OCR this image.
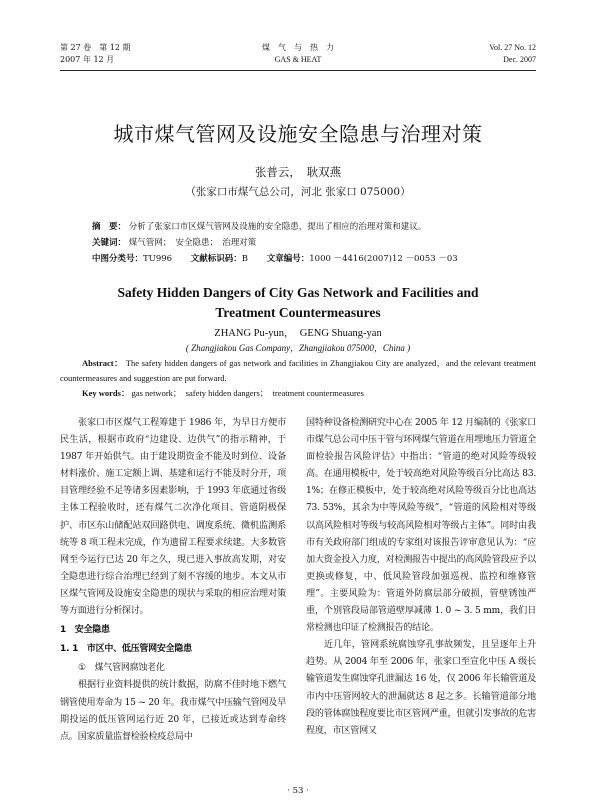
第 27 卷　第 12 期
2007 年 12 月
煤　气　与　热　力
GAS & HEAT
Vol. 27 No. 12
Dec. 2007
城市煤气管网及设施安全隐患与治理对策
张普云，　耿双燕
（张家口市煤气总公司，河北 张家口 075000）
摘　要： 分析了张家口市区煤气管网及设施的安全隐患，提出了相应的治理对策和建议。
关键词： 煤气管网；　安全隐患；　治理对策
中图分类号：TU996 文献标识码：B 文章编号：1000 －4416(2007)12 －0053 －03
Safety Hidden Dangers of City Gas Network and Facilities and
Treatment Countermeasures
ZHANG Pu-yun，　GENG Shuang-yan
( Zhangjiakou Gas Company，Zhangjiakou 075000，China )
Abstract： The safety hidden dangers of gas network and facilities in Zhangjiakou City are analyzed，and the relevant treatment countermeasures and suggestion are put forward.
Key words： gas network；　safety hidden dangers；　treatment countermeasures

张家口市区煤气工程筹建于 1986 年，为早日方便市民生活，根据市政府“边建设、边供气”的指示精神，于 1987 年开始供气。由于建设期资金不能及时到位、设备材料涨价、施工定额上调、基建和运行不能及时分开，项目管理经验不足等诸多因素影响，于 1993 年底通过省级主体工程验收时，还有煤气二次净化项目、管道阴极保护、市区东山储配站双回路供电、调度系统、微机监测系统等 8 项工程未完成，作为遗留工程要求续建。大多数管网至今运行已达 20 年之久，現已进入事故高发期，对安全隐患进行综合治理已经到了刻不容缓的地步。本文从市区煤气管网及设施安全隐患的现状与采取的相应治理对策等方面进行分析探讨。

1　安全隐患

1. 1　市区中、低压管网安全隐患

①　煤气管网腐蚀老化

根据行业资料提供的统计数据，防腐不佳时地下燃气钢管使用寿命为 15 ~ 20 年。我市煤气中压输气管网及早期投运的低压管网运行近 20 年，已接近或达到寿命终点。国家质量监督检验检疫总局中

国特种设备检测研究中心在 2005 年 12 月编制的《张家口市煤气总公司中压干管与环网煤气管道在用埋地压力管道全面检验报告风险评估》中指出：“管道的绝对风险等级较高。在通用模板中，处于较高绝对风险等级百分比高达 83. 1%；在修正模板中，处于较高绝对风险等级百分比也高达73. 53%，其余为中等风险等级”，“管道的风险相对等级以高风险相对等级与较高风险相对等级占主体”。同时由我市有关政府部门组成的专家组对该报告评审意见认为：“应加大资金投入力度，对检测报告中提出的高风险管段应予以更换或修复，中、低风险管段加强巡视、监控和维修管理”。主要风险为：管道外防腐层部分破损，管壁锈蚀严重，个别管段局部管道壁厚减薄 1. 0 ~ 3. 5 mm，我们日常检测也印证了检测报告的结论。

近几年，管网系统腐蚀穿孔事故频发，且呈逐年上升趋势。从 2004 年至 2006 年，张家口至宣化中压 A 级长输管道发生腐蚀穿孔泄漏达 16 处，仅 2006 年长输管道及市内中压管网较大的泄漏就达 8 起之多。长输管道部分地段的管体腐蚀程度要比市区管网严重，但就引发事故的危害程度，市区管网又

· 53 ·
